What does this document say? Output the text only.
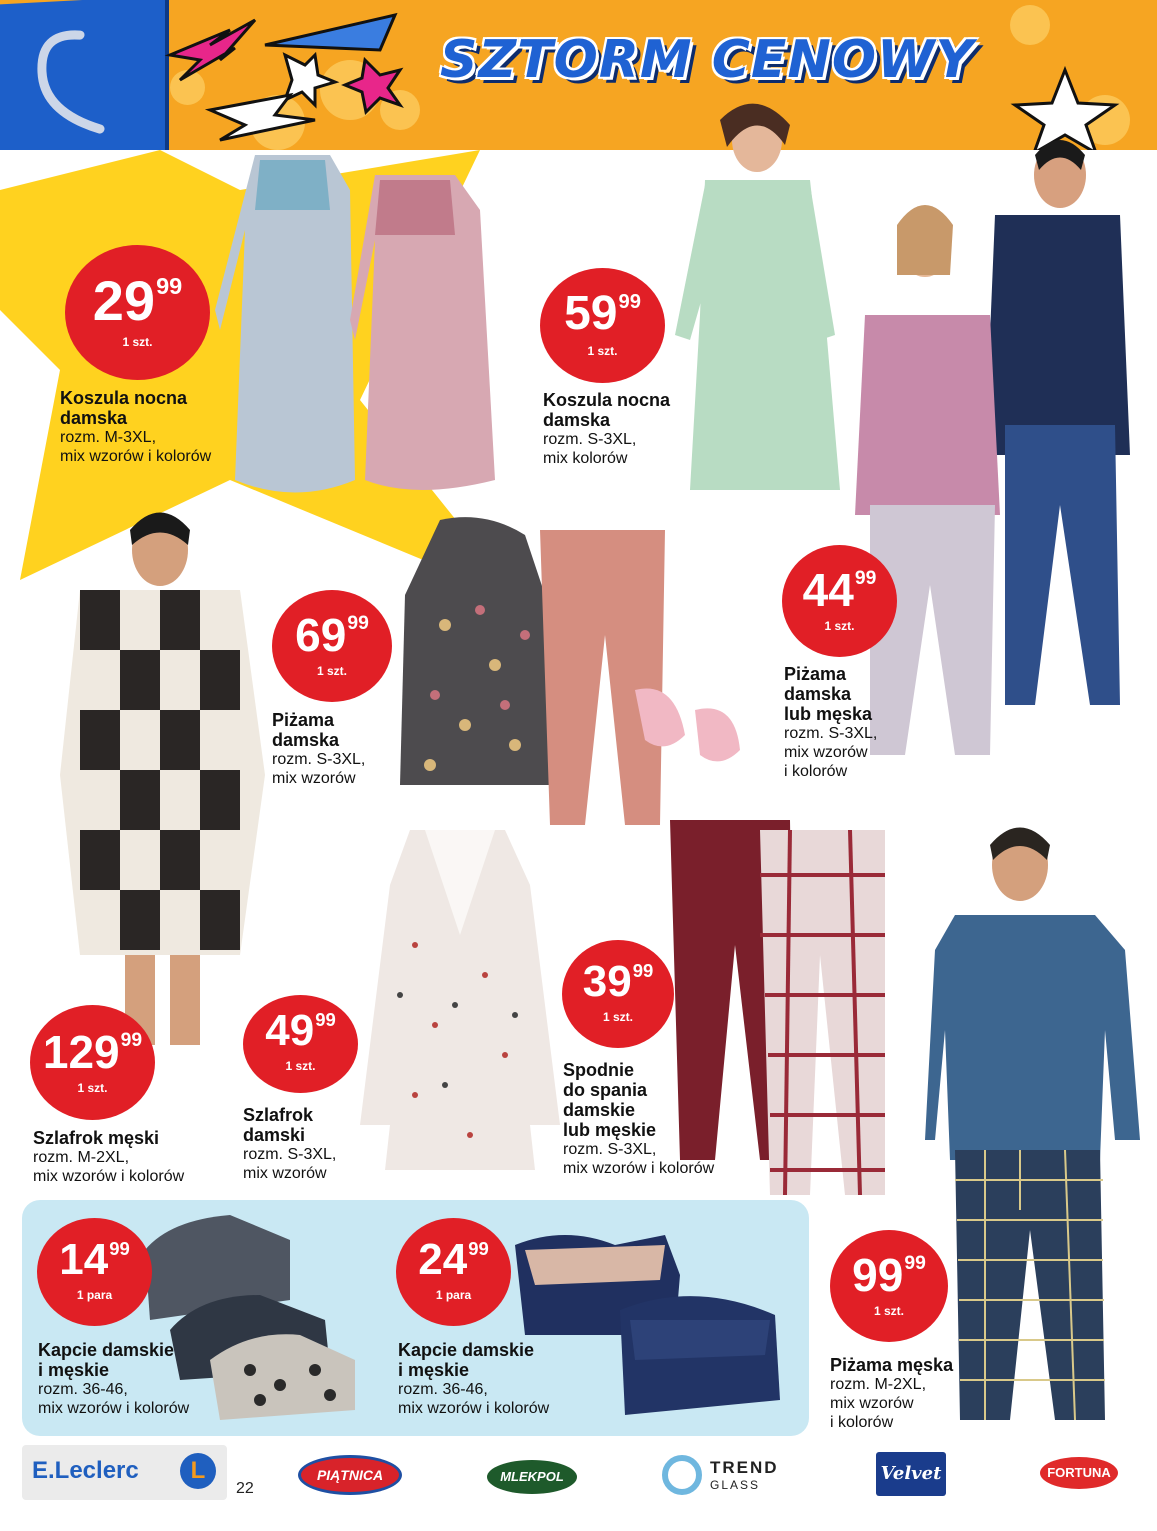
SZTORM CENOWY
$29^{99}$
1 szt.
Koszula nocna
damska
rozm. M-3XL,
mix wzorów i kolorów
$59^{99}$
1 szt.
Koszula nocna
damska
rozm. S-3XL,
mix kolorów
$44^{99}$
1 szt.
Piżama
damska
lub męska
rozm. S-3XL,
mix wzorów
i kolorów
$69^{99}$
1 szt.
Piżama
damska
rozm. S-3XL,
mix wzorów
$129^{99}$
1 szt.
Szlafrok męski
rozm. M-2XL,
mix wzorów i kolorów
$49^{99}$
1 szt.
Szlafrok
damski
rozm. S-3XL,
mix wzorów
$39^{99}$
1 szt.
Spodnie
do spania
damskie
lub męskie
rozm. S-3XL,
mix wzorów i kolorów
$14^{99}$
1 para
Kapcie damskie
i męskie
rozm. 36-46,
mix wzorów i kolorów
$24^{99}$
1 para
Kapcie damskie
i męskie
rozm. 36-46,
mix wzorów i kolorów
$99^{99}$
1 szt.
Piżama męska
rozm. M-2XL,
mix wzorów
i kolorów
E.Leclerc	L
22
PIĄTNICA	MLEKPOL	TREND
GLASS
Velvet	FORTUNA
